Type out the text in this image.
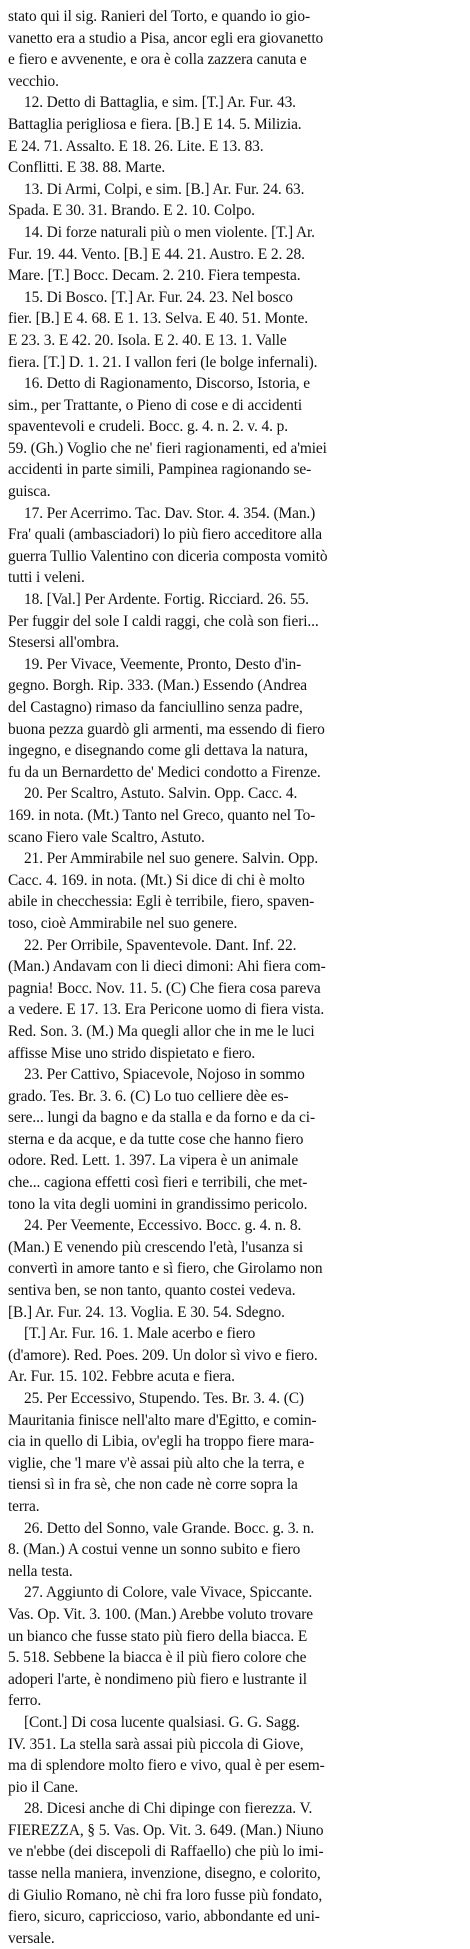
stato qui il sig. Ranieri del Torto, e quando io gio-
vanetto era a studio a Pisa, ancor egli era giovanetto
e fiero e avvenente, e ora è colla zazzera canuta e
vecchio.
12. Detto di Battaglia, e sim. [T.] Ar. Fur. 43.
Battaglia perigliosa e fiera. [B.] E 14. 5. Milizia.
E 24. 71. Assalto. E 18. 26. Lite. E 13. 83.
Conflitti. E 38. 88. Marte.
13. Di Armi, Colpi, e sim. [B.] Ar. Fur. 24. 63.
Spada. E 30. 31. Brando. E 2. 10. Colpo.
14. Di forze naturali più o men violente. [T.] Ar.
Fur. 19. 44. Vento. [B.] E 44. 21. Austro. E 2. 28.
Mare. [T.] Bocc. Decam. 2. 210. Fiera tempesta.
15. Di Bosco. [T.] Ar. Fur. 24. 23. Nel bosco
fier. [B.] E 4. 68. E 1. 13. Selva. E 40. 51. Monte.
E 23. 3. E 42. 20. Isola. E 2. 40. E 13. 1. Valle
fiera. [T.] D. 1. 21. I vallon feri (le bolge infernali).
16. Detto di Ragionamento, Discorso, Istoria, e
sim., per Trattante, o Pieno di cose e di accidenti
spaventevoli e crudeli. Bocc. g. 4. n. 2. v. 4. p.
59. (Gh.) Voglio che ne' fieri ragionamenti, ed a'miei
accidenti in parte simili, Pampinea ragionando se-
guisca.
17. Per Acerrimo. Tac. Dav. Stor. 4. 354. (Man.)
Fra' quali (ambasciadori) lo più fiero acceditore alla
guerra Tullio Valentino con diceria composta vomitò
tutti i veleni.
18. [Val.] Per Ardente. Fortig. Ricciard. 26. 55.
Per fuggir del sole I caldi raggi, che colà son fieri...
Stesersi all'ombra.
19. Per Vivace, Veemente, Pronto, Desto d'in-
gegno. Borgh. Rip. 333. (Man.) Essendo (Andrea
del Castagno) rimaso da fanciullino senza padre,
buona pezza guardò gli armenti, ma essendo di fiero
ingegno, e disegnando come gli dettava la natura,
fu da un Bernardetto de' Medici condotto a Firenze.
20. Per Scaltro, Astuto. Salvin. Opp. Cacc. 4.
169. in nota. (Mt.) Tanto nel Greco, quanto nel To-
scano Fiero vale Scaltro, Astuto.
21. Per Ammirabile nel suo genere. Salvin. Opp.
Cacc. 4. 169. in nota. (Mt.) Si dice di chi è molto
abile in checchessia: Egli è terribile, fiero, spaven-
toso, cioè Ammirabile nel suo genere.
22. Per Orribile, Spaventevole. Dant. Inf. 22.
(Man.) Andavam con li dieci dimoni: Ahi fiera com-
pagnia! Bocc. Nov. 11. 5. (C) Che fiera cosa pareva
a vedere. E 17. 13. Era Pericone uomo di fiera vista.
Red. Son. 3. (M.) Ma quegli allor che in me le luci
affisse Mise uno strido dispietato e fiero.
23. Per Cattivo, Spiacevole, Nojoso in sommo
grado. Tes. Br. 3. 6. (C) Lo tuo celliere dèe es-
sere... lungi da bagno e da stalla e da forno e da ci-
sterna e da acque, e da tutte cose che hanno fiero
odore. Red. Lett. 1. 397. La vipera è un animale
che... cagiona effetti così fieri e terribili, che met-
tono la vita degli uomini in grandissimo pericolo.
24. Per Veemente, Eccessivo. Bocc. g. 4. n. 8.
(Man.) E venendo più crescendo l'età, l'usanza si
convertì in amore tanto e sì fiero, che Girolamo non
sentiva ben, se non tanto, quanto costei vedeva.
[B.] Ar. Fur. 24. 13. Voglia. E 30. 54. Sdegno.
[T.] Ar. Fur. 16. 1. Male acerbo e fiero
(d'amore). Red. Poes. 209. Un dolor sì vivo e fiero.
Ar. Fur. 15. 102. Febbre acuta e fiera.
25. Per Eccessivo, Stupendo. Tes. Br. 3. 4. (C)
Mauritania finisce nell'alto mare d'Egitto, e comin-
cia in quello di Libia, ov'egli ha troppo fiere mara-
viglie, che 'l mare v'è assai più alto che la terra, e
tiensi sì in fra sè, che non cade nè corre sopra la
terra.
26. Detto del Sonno, vale Grande. Bocc. g. 3. n.
8. (Man.) A costui venne un sonno subito e fiero
nella testa.
27. Aggiunto di Colore, vale Vivace, Spiccante.
Vas. Op. Vit. 3. 100. (Man.) Arebbe voluto trovare
un bianco che fusse stato più fiero della biacca. E
5. 518. Sebbene la biacca è il più fiero colore che
adoperi l'arte, è nondimeno più fiero e lustrante il
ferro.
[Cont.] Di cosa lucente qualsiasi. G. G. Sagg.
IV. 351. La stella sarà assai più piccola di Giove,
ma di splendore molto fiero e vivo, qual è per esem-
pio il Cane.
28. Dicesi anche di Chi dipinge con fierezza. V.
FIEREZZA, § 5. Vas. Op. Vit. 3. 649. (Man.) Niuno
ve n'ebbe (dei discepoli di Raffaello) che più lo imi-
tasse nella maniera, invenzione, disegno, e colorito,
di Giulio Romano, nè chi fra loro fusse più fondato,
fiero, sicuro, capriccioso, vario, abbondante ed uni-
versale.
